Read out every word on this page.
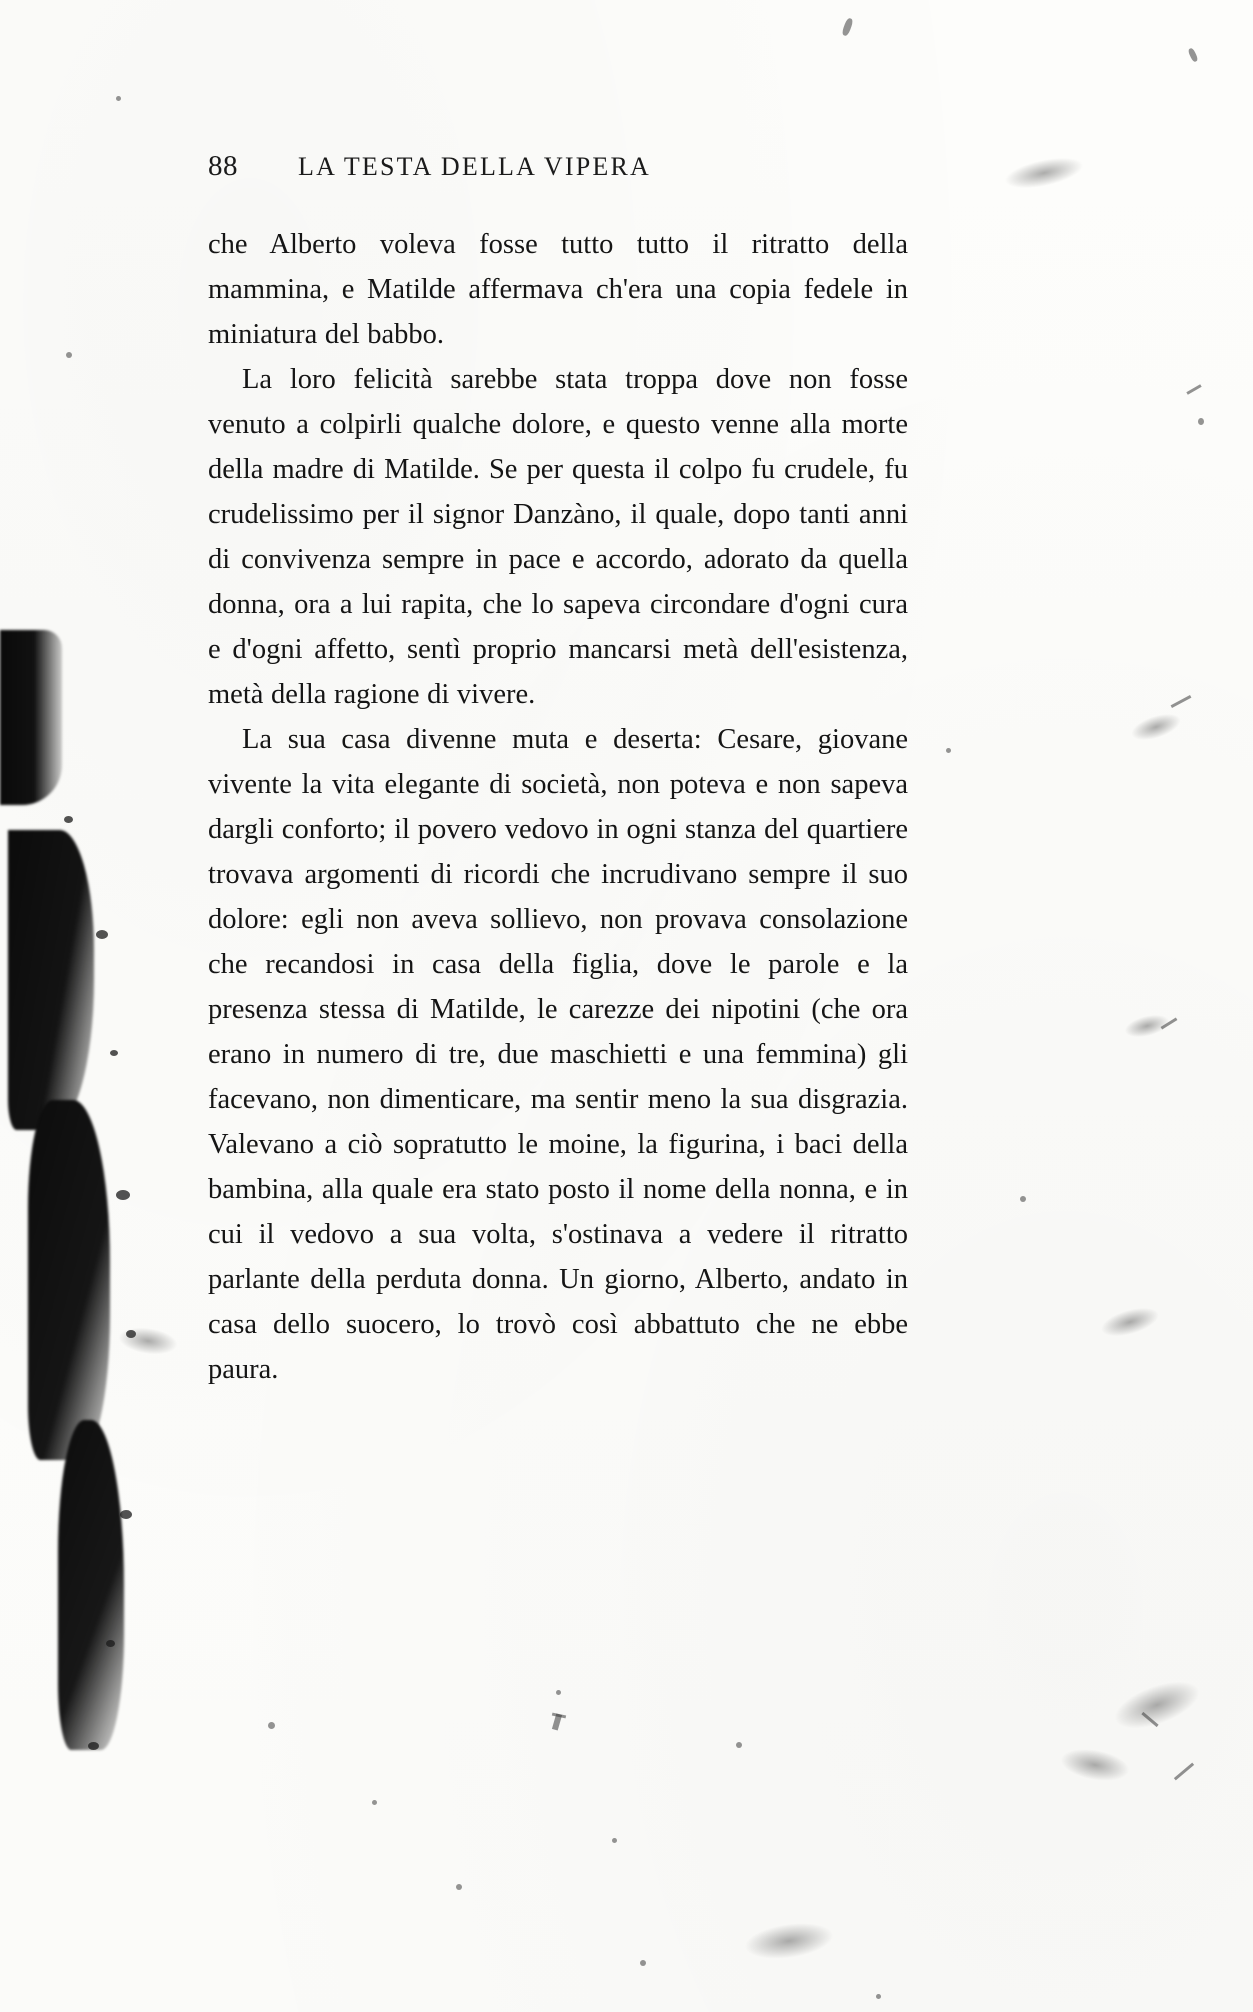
88	LA TESTA DELLA VIPERA

che Alberto voleva fosse tutto tutto il ritratto della mammina, e Matilde affermava ch'era una copia fedele in miniatura del babbo.

La loro felicità sarebbe stata troppa dove non fosse venuto a colpirli qualche dolore, e questo venne alla morte della madre di Matilde. Se per questa il colpo fu crudele, fu crudelissimo per il signor Danzàno, il quale, dopo tanti anni di convivenza sempre in pace e accordo, adorato da quella donna, ora a lui rapita, che lo sapeva circondare d'ogni cura e d'ogni affetto, sentì proprio mancarsi metà dell'esistenza, metà della ragione di vivere.

La sua casa divenne muta e deserta: Cesare, giovane vivente la vita elegante di società, non poteva e non sapeva dargli conforto; il povero vedovo in ogni stanza del quartiere trovava argomenti di ricordi che incrudivano sempre il suo dolore: egli non aveva sollievo, non provava consolazione che recandosi in casa della figlia, dove le parole e la presenza stessa di Matilde, le carezze dei nipotini (che ora erano in numero di tre, due maschietti e una femmina) gli facevano, non dimenticare, ma sentir meno la sua disgrazia. Valevano a ciò sopratutto le moine, la figurina, i baci della bambina, alla quale era stato posto il nome della nonna, e in cui il vedovo a sua volta, s'ostinava a vedere il ritratto parlante della perduta donna. Un giorno, Alberto, andato in casa dello suocero, lo trovò così abbattuto che ne ebbe paura.
